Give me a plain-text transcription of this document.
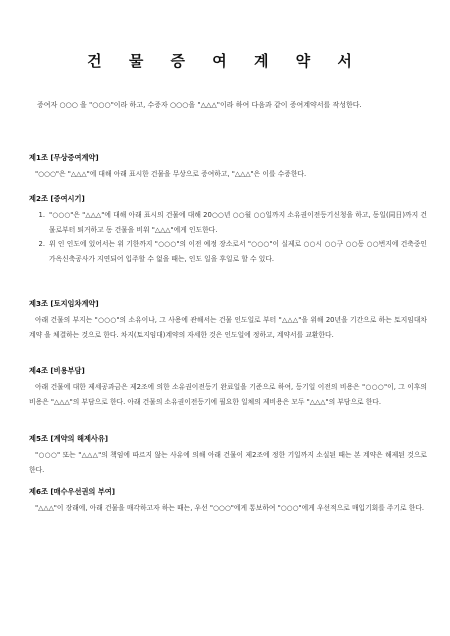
건 물 증 여 계 약 서
증여자 ○○○ 을 "○○○"이라 하고, 수증자 ○○○을 "△△△"이라 하여 다음과 같이 증여계약서를 작성한다.
제1조 [무상증여계약]
"○○○"은 "△△△"에 대해 아래 표시한 건물을 무상으로 증여하고, "△△△"은 이를 수증한다.
제2조 [증여시기]
1. "○○○"은 "△△△"에 대해 아래 표시의 건물에 대해 20○○년 ○○월 ○○일까지 소유권이전등기신청을 하고, 동일(同日)까지 건물로부터 퇴거하고 동 건물을 비워 "△△△"에게 인도한다.
2. 위 인 인도에 있어서는 위 기한까지 "○○○"의 이전 예정 장소로서 "○○○"이 실제로 ○○시 ○○구 ○○동 ○○번지에 건축중인 가옥신축공사가 지연되어 입주할 수 없을 때는, 인도 일을 후일로 할 수 있다.
제3조 [토지임차계약]
아래 건물의 부지는 "○○○"의 소유이나, 그 사용에 관해서는 건물 인도일로 부터 "△△△"을 위해 20년을 기간으로 하는 토지임대차계약 을 체결하는 것으로 한다. 차지(토지임대)계약의 자세한 것은 인도일에 정하고, 계약서를 교환한다.
제4조 [비용부담]
아래 건물에 대한 제세공과금은 제2조에 의한 소유권이전등기 완료일을 기준으로 하여, 등기일 이전의 비용은 "○○○"이, 그 이후의 비용은 "△△△"의 부담으로 한다. 아래 건물의 소유권이전등기에 필요한 일체의 제비용은 모두 "△△△"의 부담으로 한다.
제5조 [계약의 해제사유]
"○○○" 또는 "△△△"의 책임에 따르지 않는 사유에 의해 아래 건물이 제2조에 정한 기일까지 소실된 때는 본 계약은 해제된 것으로 한다.
제6조 [매수우선권의 부여]
"△△△"이 장래에, 아래 건물을 매각하고자 하는 때는, 우선 "○○○"에게 통보하여 "○○○"에게 우선적으로 매입기회를 주기로 한다.
